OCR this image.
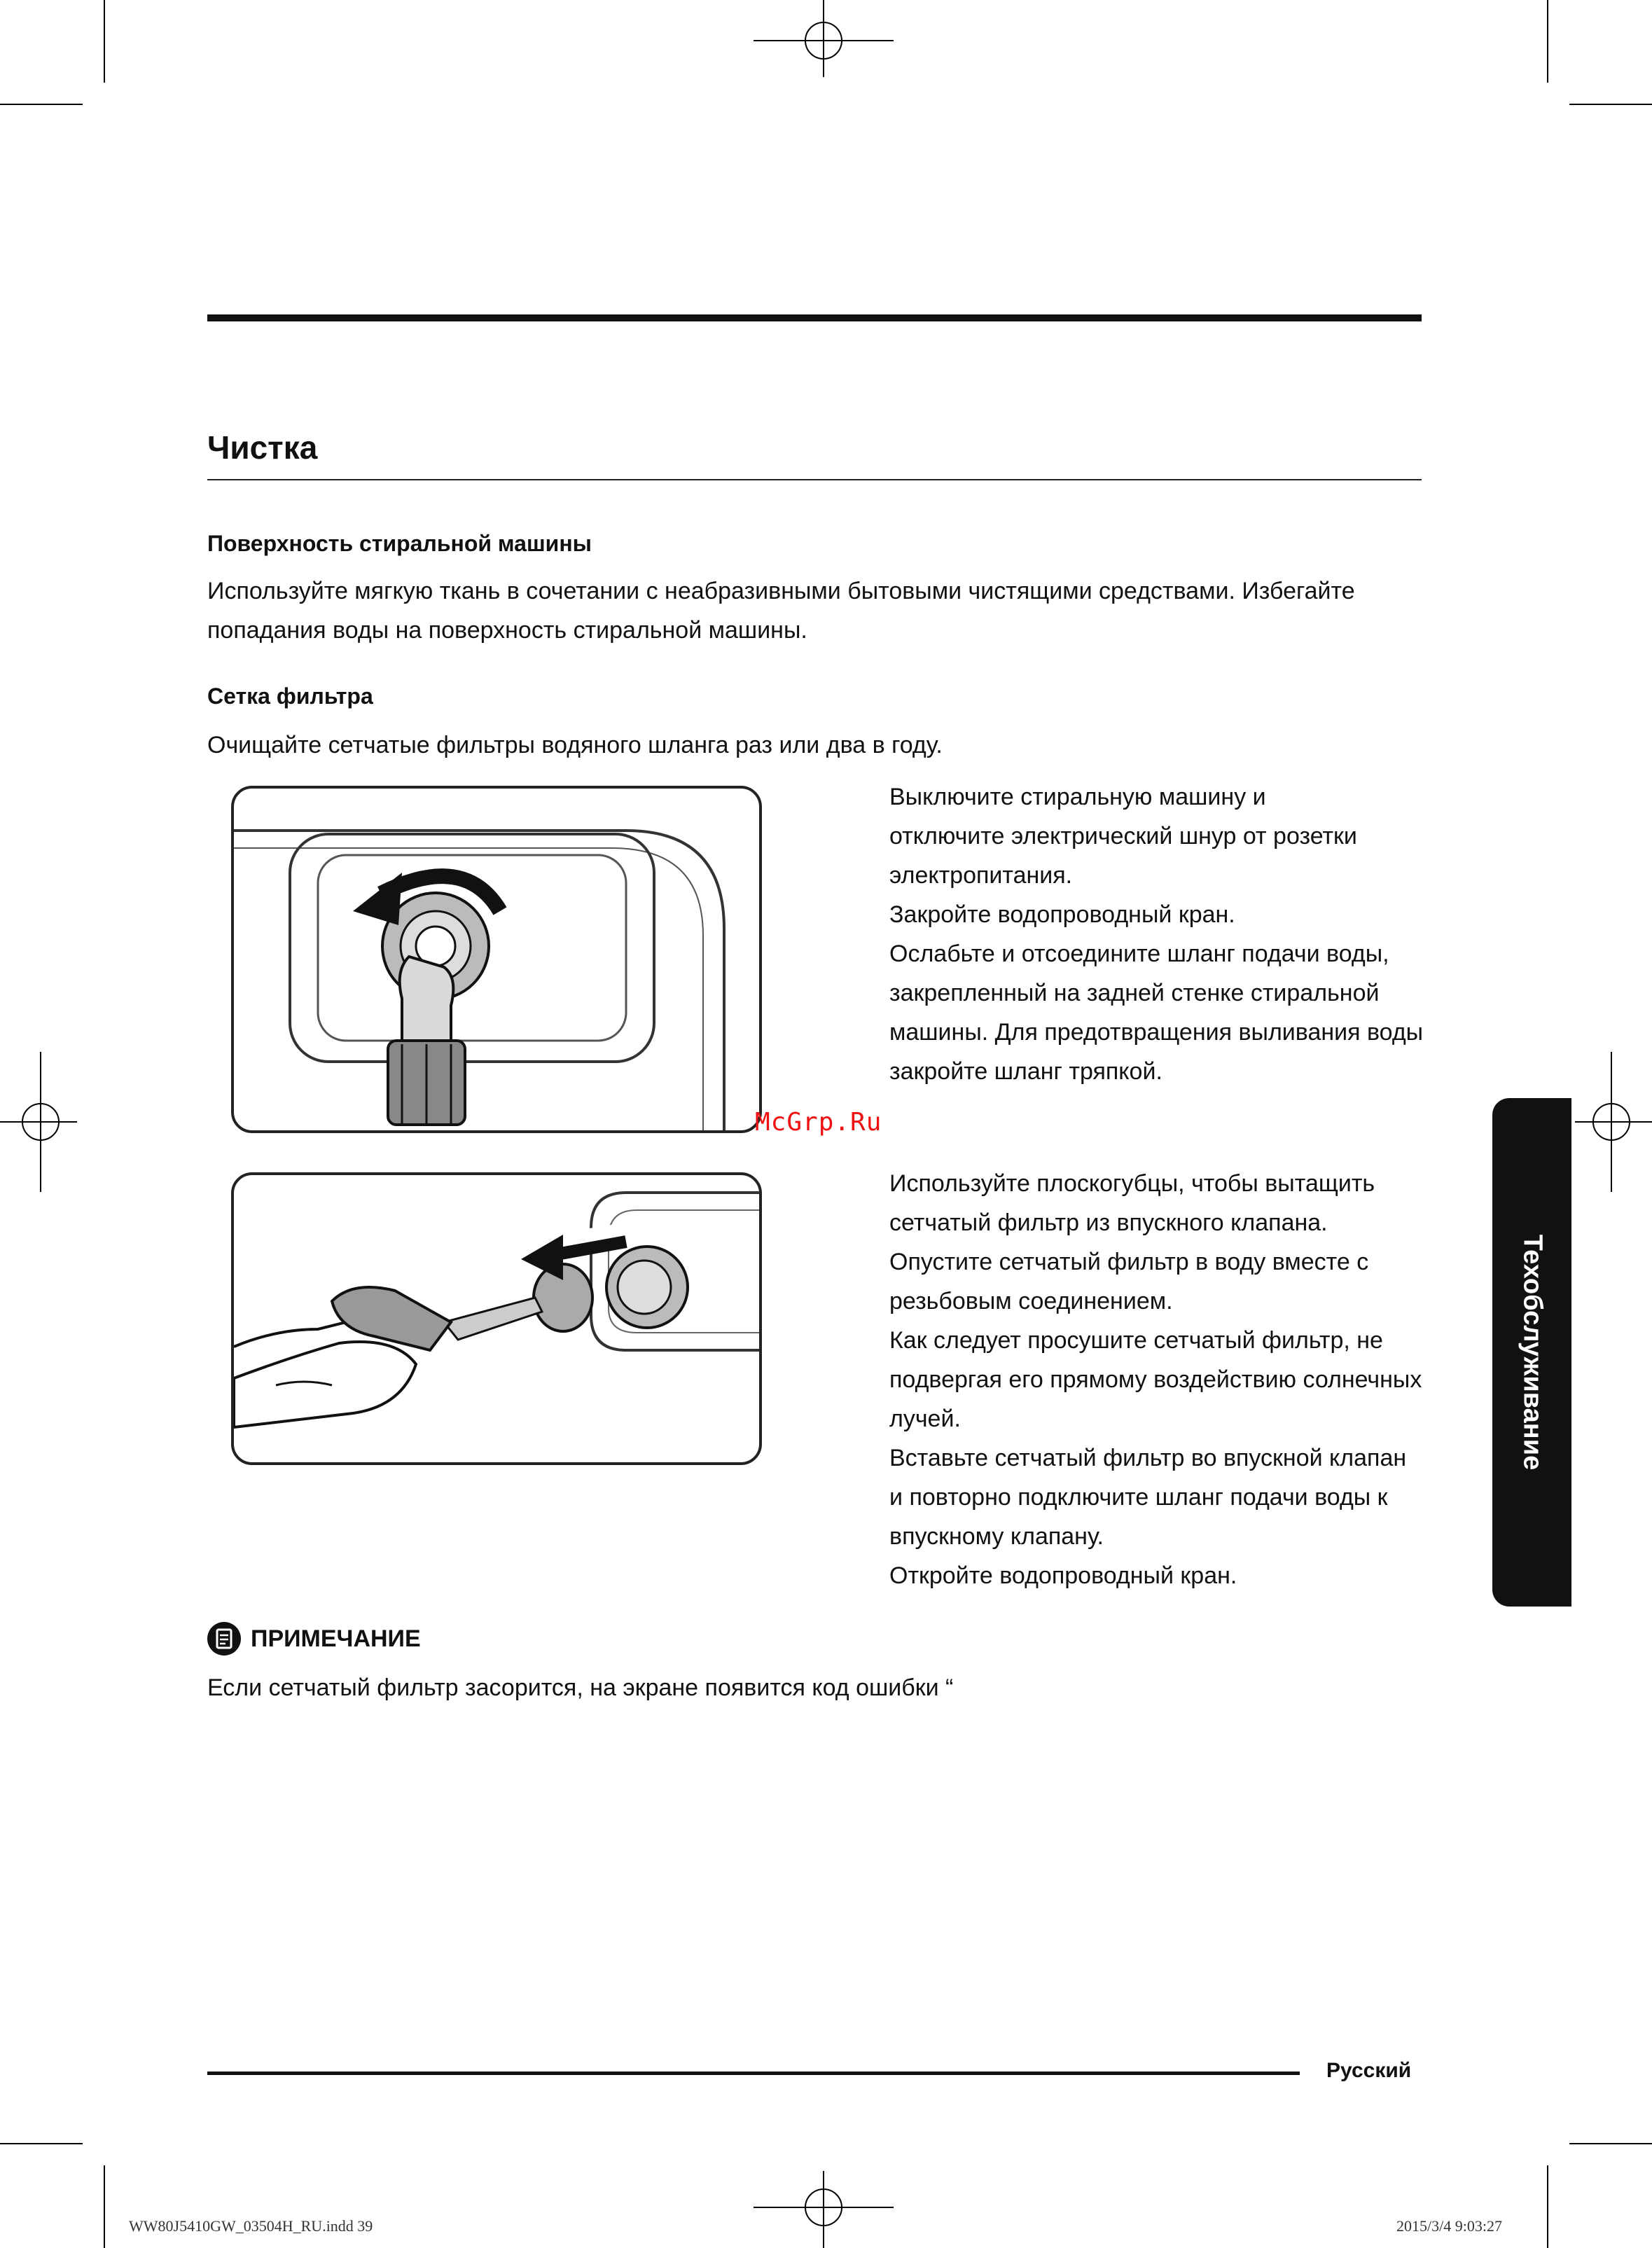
Чистка
Поверхность стиральной машины

Используйте мягкую ткань в сочетании с неабразивными бытовыми чистящими средствами. Избегайте попадания воды на поверхность стиральной машины.

Сетка фильтра

Очищайте сетчатые фильтры водяного шланга раз или два в году.

Выключите стиральную машину и

отключите электрический шнур от розетки

электропитания.

Закройте водопроводный кран.

Ослабьте и отсоедините шланг подачи воды,

закрепленный на задней стенке стиральной

машины. Для предотвращения выливания воды

закройте шланг тряпкой.

McGrp.Ru

Используйте плоскогубцы, чтобы вытащить

сетчатый фильтр из впускного клапана.

Опустите сетчатый фильтр в воду вместе с

резьбовым соединением.

Как следует просушите сетчатый фильтр, не

подвергая его прямому воздействию солнечных

лучей.

Вставьте сетчатый фильтр во впускной клапан

и повторно подключите шланг подачи воды к

впускному клапану.

Откройте водопроводный кран.

Техобслуживание
ПРИМЕЧАНИЕ

Если сетчатый фильтр засорится, на экране появится код ошибки “

Русский
WW80J5410GW_03504H_RU.indd 39	2015/3/4 9:03:27
